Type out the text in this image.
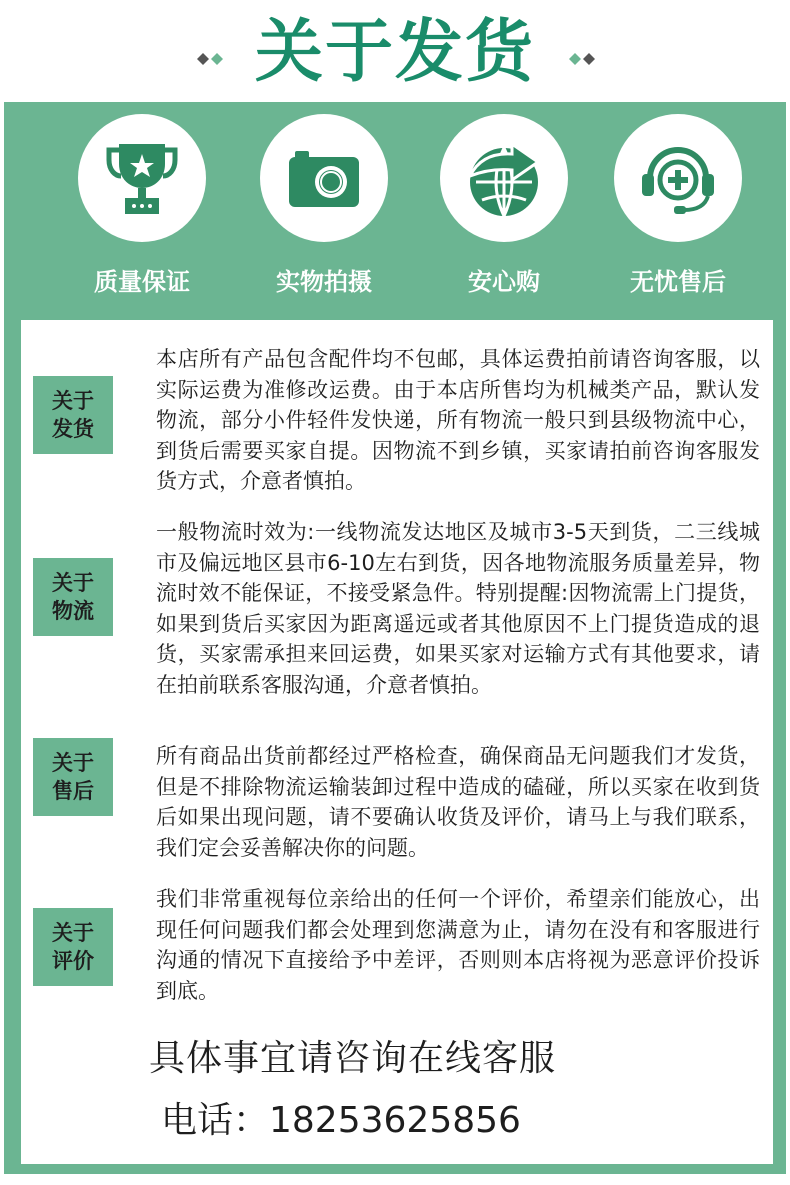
关于发货
质量保证	实物拍摄	安心购	无忧售后
关于
发货
本店所有产品包含配件均不包邮，具体运费拍前请咨询客服，以实际运费为准修改运费。由于本店所售均为机械类产品，默认发物流，部分小件轻件发快递，所有物流一般只到县级物流中心，到货后需要买家自提。因物流不到乡镇，买家请拍前咨询客服发货方式，介意者慎拍。
关于
物流
一般物流时效为:一线物流发达地区及城市3-5天到货，二三线城市及偏远地区县市6-10左右到货，因各地物流服务质量差异，物流时效不能保证，不接受紧急件。特别提醒:因物流需上门提货，如果到货后买家因为距离遥远或者其他原因不上门提货造成的退货，买家需承担来回运费，如果买家对运输方式有其他要求，请在拍前联系客服沟通，介意者慎拍。
关于
售后
所有商品出货前都经过严格检查，确保商品无问题我们才发货，但是不排除物流运输装卸过程中造成的磕碰，所以买家在收到货后如果出现问题，请不要确认收货及评价，请马上与我们联系，我们定会妥善解决你的问题。
关于
评价
我们非常重视每位亲给出的任何一个评价，希望亲们能放心，出现任何问题我们都会处理到您满意为止，请勿在没有和客服进行沟通的情况下直接给予中差评，否则则本店将视为恶意评价投诉到底。
具体事宜请咨询在线客服
电话：18253625856
